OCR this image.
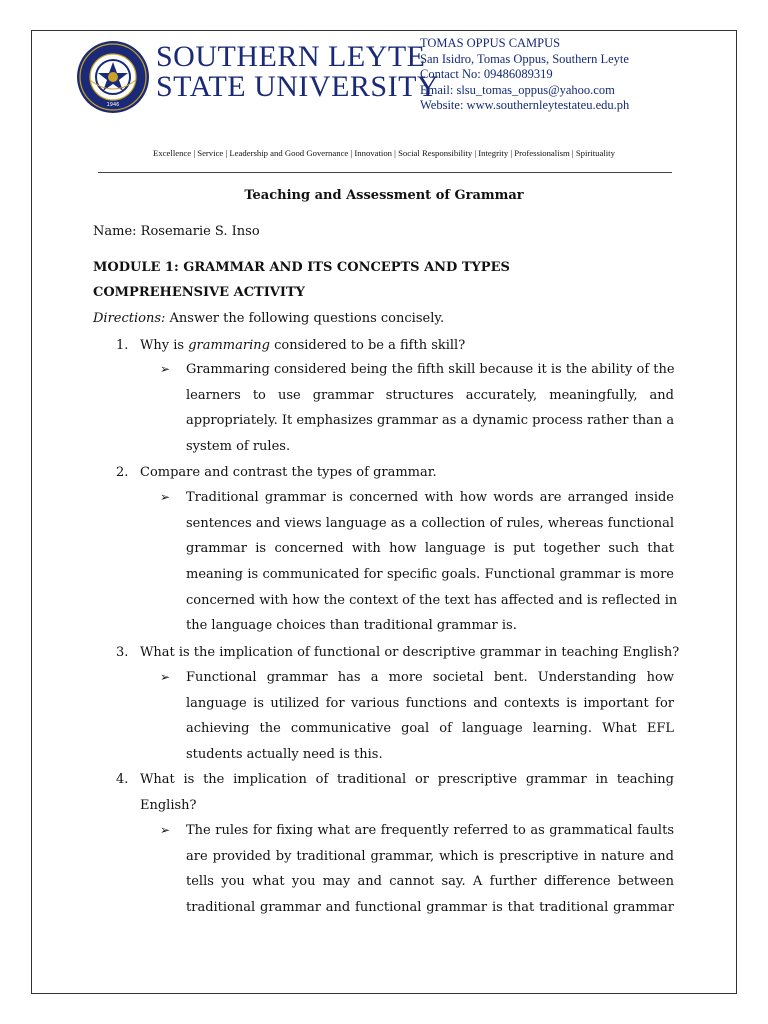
1946
SOUTHERN LEYTE
STATE UNIVERSITY
TOMAS OPPUS CAMPUS
San Isidro, Tomas Oppus, Southern Leyte
Contact No: 09486089319
Email: slsu_tomas_oppus@yahoo.com
Website: www.southernleytestateu.edu.ph
Excellence | Service | Leadership and Good Governance | Innovation | Social Responsibility | Integrity | Professionalism | Spirituality
Teaching and Assessment of Grammar
Name: Rosemarie S. Inso
MODULE 1: GRAMMAR AND ITS CONCEPTS AND TYPES
COMPREHENSIVE ACTIVITY
Directions: Answer the following questions concisely.
1. Why is grammaring considered to be a fifth skill?
➢ Grammaring considered being the fifth skill because it is the ability of the
learners to use grammar structures accurately, meaningfully, and
appropriately. It emphasizes grammar as a dynamic process rather than a
system of rules.
2. Compare and contrast the types of grammar.
➢ Traditional grammar is concerned with how words are arranged inside
sentences and views language as a collection of rules, whereas functional
grammar is concerned with how language is put together such that
meaning is communicated for specific goals. Functional grammar is more
concerned with how the context of the text has affected and is reflected in
the language choices than traditional grammar is.
3. What is the implication of functional or descriptive grammar in teaching English?
➢ Functional grammar has a more societal bent. Understanding how
language is utilized for various functions and contexts is important for
achieving the communicative goal of language learning. What EFL
students actually need is this.
4. What is the implication of traditional or prescriptive grammar in teaching
English?
➢ The rules for fixing what are frequently referred to as grammatical faults
are provided by traditional grammar, which is prescriptive in nature and
tells you what you may and cannot say. A further difference between
traditional grammar and functional grammar is that traditional grammar
